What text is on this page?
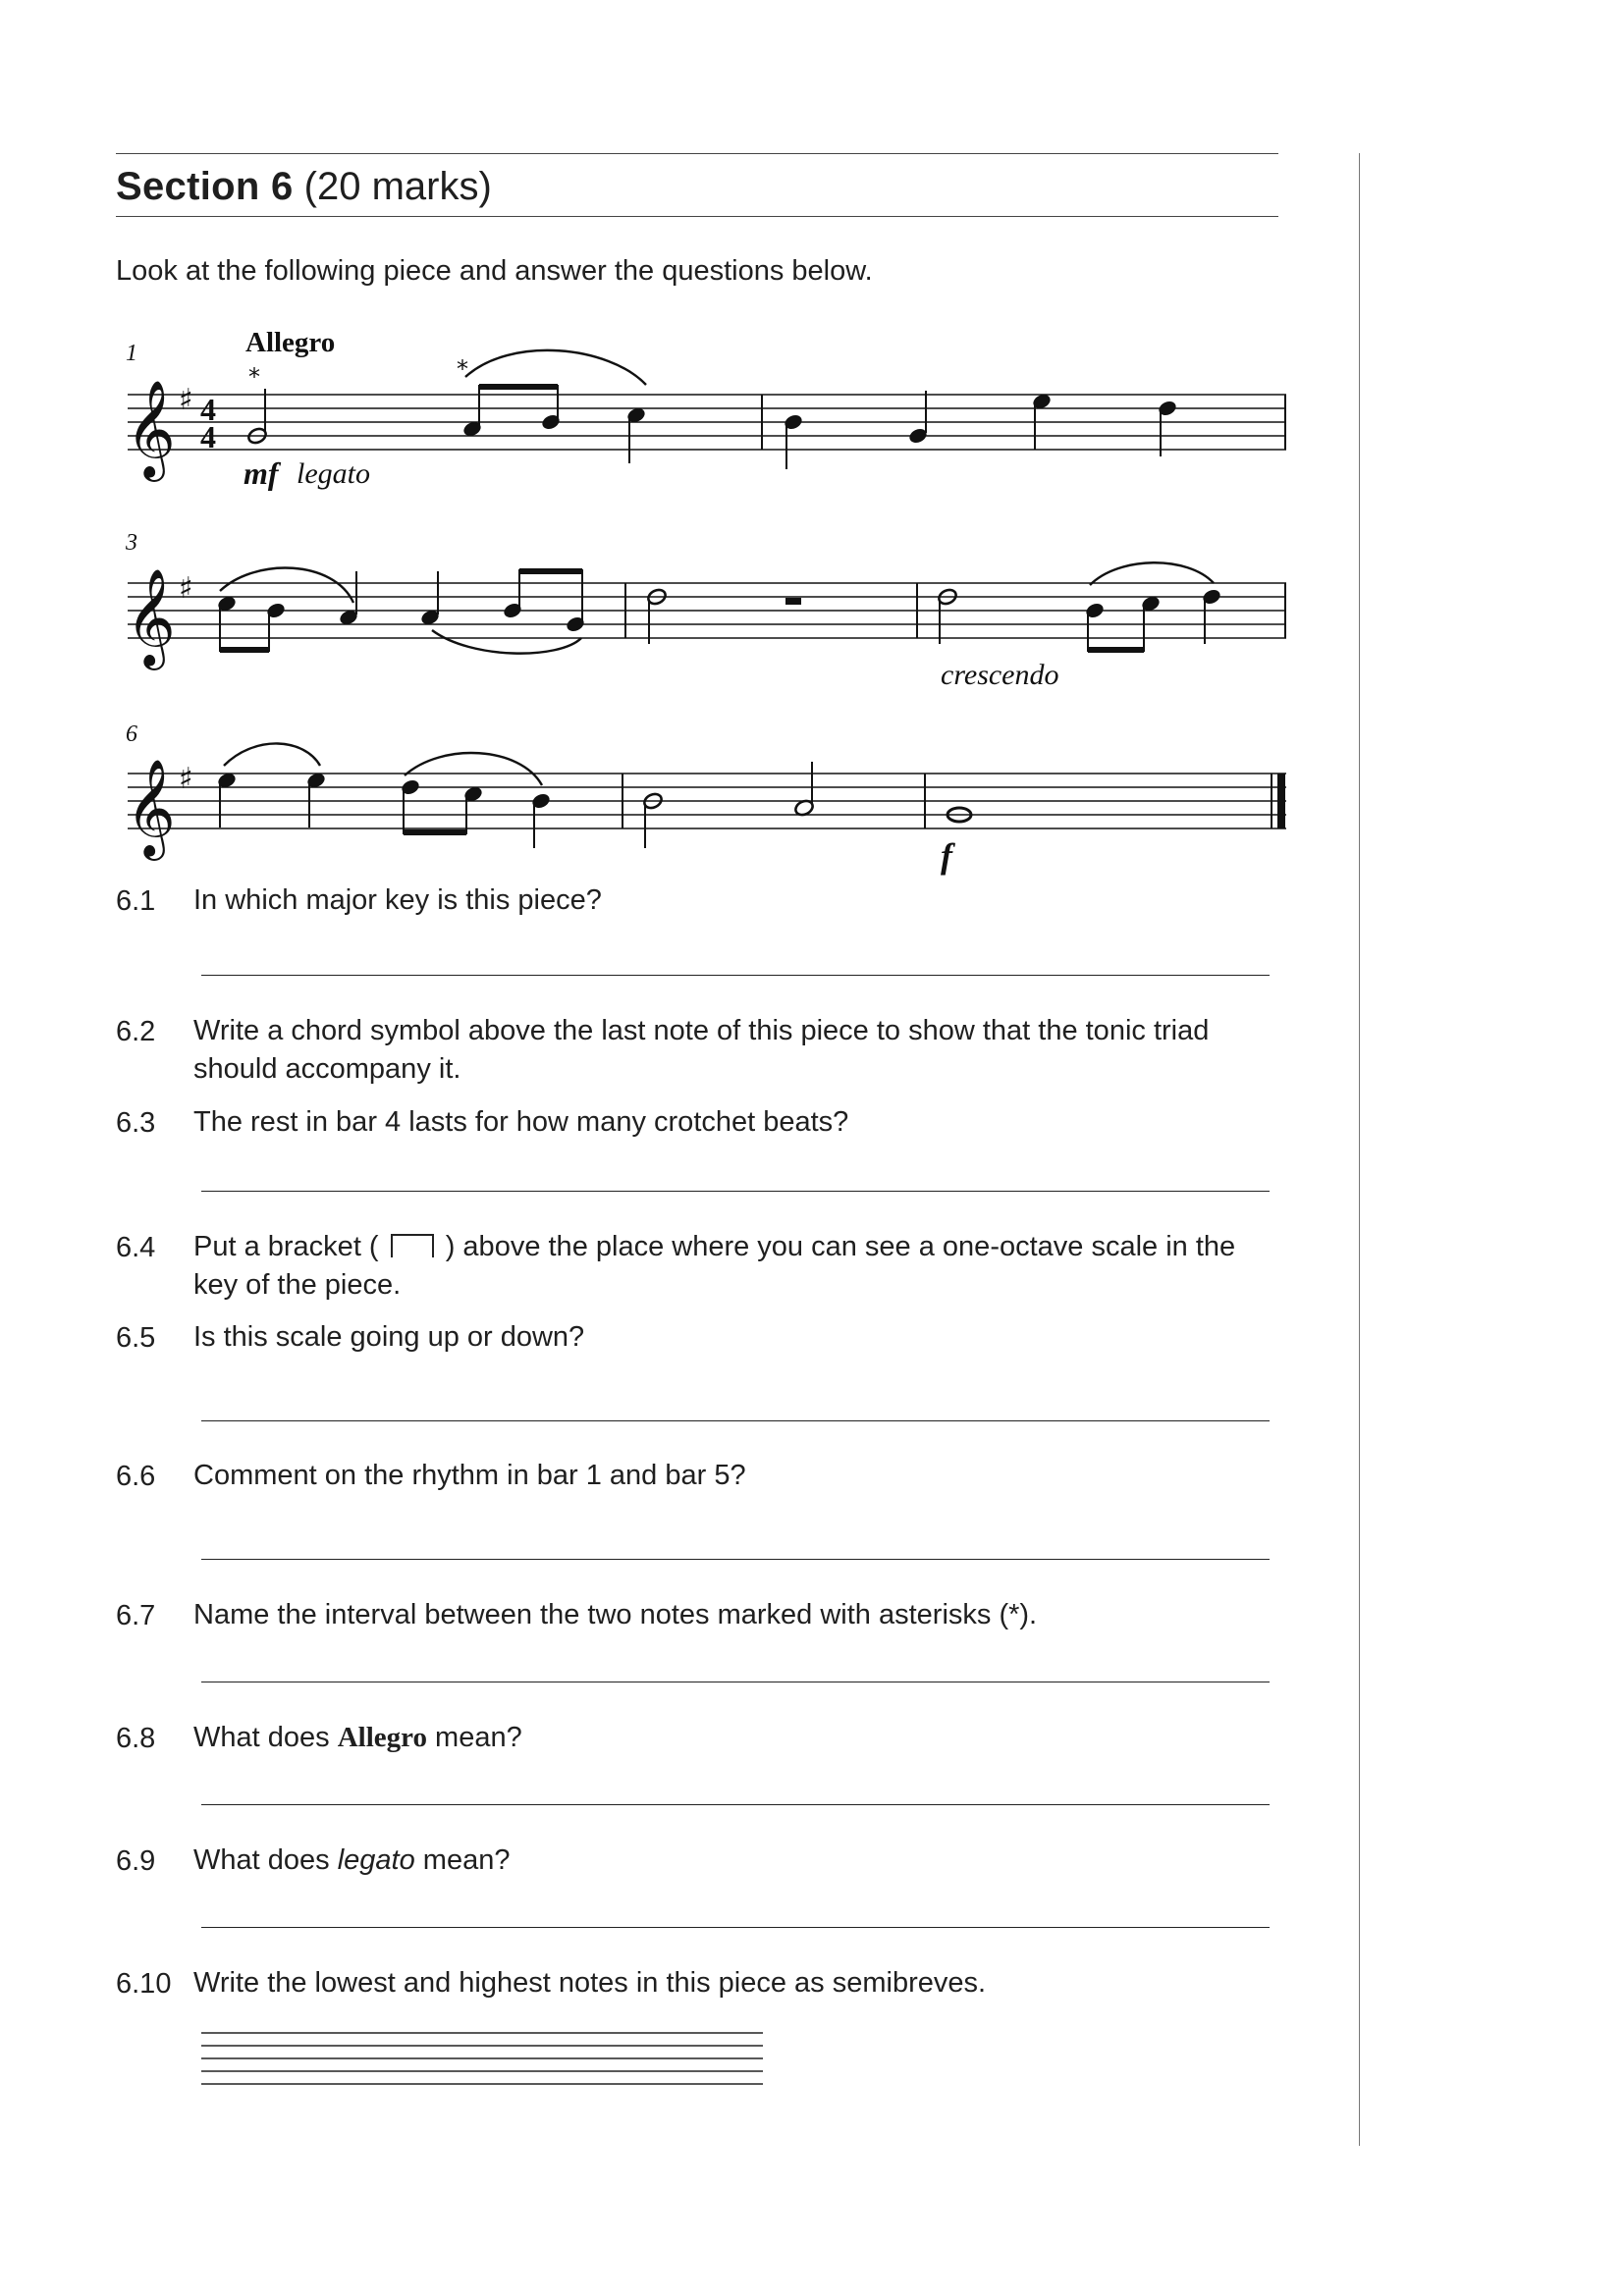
Section 6 (20 marks)
Look at the following piece and answer the questions below.
1	Allegro
𝄞 ♯ 4
4
*	*
mf legato
3
𝄞 ♯
crescendo
6
𝄞 ♯
f
6.1 In which major key is this piece?
6.2 Write a chord symbol above the last note of this piece to show that the tonic triad should accompany it.
6.3 The rest in bar 4 lasts for how many crotchet beats?
6.4 Put a bracket ( ) above the place where you can see a one-octave scale in the key of the piece.
6.5 Is this scale going up or down?
6.6 Comment on the rhythm in bar 1 and bar 5?
6.7 Name the interval between the two notes marked with asterisks (*).
6.8 What does Allegro mean?
6.9 What does legato mean?
6.10 Write the lowest and highest notes in this piece as semibreves.
